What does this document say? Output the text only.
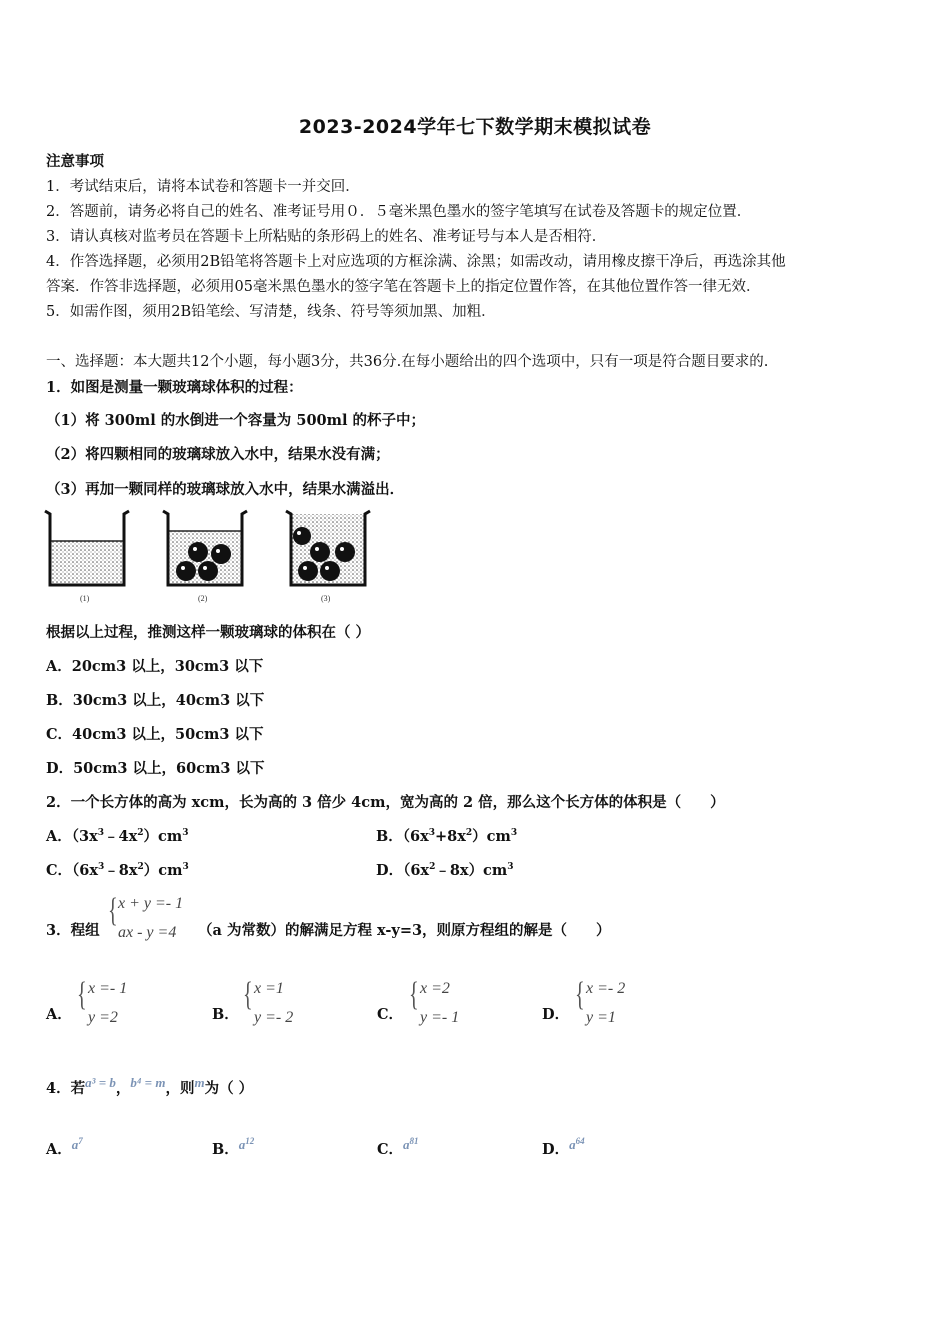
2023-2024学年七下数学期末模拟试卷
注意事项
1．考试结束后，请将本试卷和答题卡一并交回．
2．答题前，请务必将自己的姓名、准考证号用０．５毫米黑色墨水的签字笔填写在试卷及答题卡的规定位置．
3．请认真核对监考员在答题卡上所粘贴的条形码上的姓名、准考证号与本人是否相符．
4．作答选择题，必须用2B铅笔将答题卡上对应选项的方框涂满、涂黑；如需改动，请用橡皮擦干净后，再选涂其他
答案．作答非选择题，必须用05毫米黑色墨水的签字笔在答题卡上的指定位置作答，在其他位置作答一律无效．
5．如需作图，须用2B铅笔绘、写清楚，线条、符号等须加黑、加粗．
一、选择题：本大题共12个小题，每小题3分，共36分.在每小题给出的四个选项中，只有一项是符合题目要求的.
1．如图是测量一颗玻璃球体积的过程：
（1）将 300ml 的水倒进一个容量为 500ml 的杯子中；
（2）将四颗相同的玻璃球放入水中，结果水没有满；
（3）再加一颗同样的玻璃球放入水中，结果水满溢出．
(1)	(2)	(3)
根据以上过程，推测这样一颗玻璃球的体积在（ ）
A．20cm3 以上，30cm3 以下
B．30cm3 以上，40cm3 以下
C．40cm3 以上，50cm3 以下
D．50cm3 以上，60cm3 以下
2．一个长方体的高为 xcm，长为高的 3 倍少 4cm，宽为高的 2 倍，那么这个长方体的体积是（　　）
A．$(3x^3﹣4x^2)cm^3$	B．$(6x^3+8x^2)cm^3$
C．$(6x^3﹣8x^2)cm^3$	D．$(6x^2﹣8x)cm^3$
3．程组
{ x + y =- 1
ax - y =4 （a 为常数）的解满足方程 x-y=3，则原方程组的解是（　　）
A．
{ x =- 1
y =2	B．
{ x =1
y =- 2	C．
{ x =2
y =- 1	D．
{ x =- 2
y =1
4．若a³ = b，b⁴ = m，则m为（ ）
A．$a^7$	B．$a^{12}$	C．$a^{81}$	D．$a^{64}$
